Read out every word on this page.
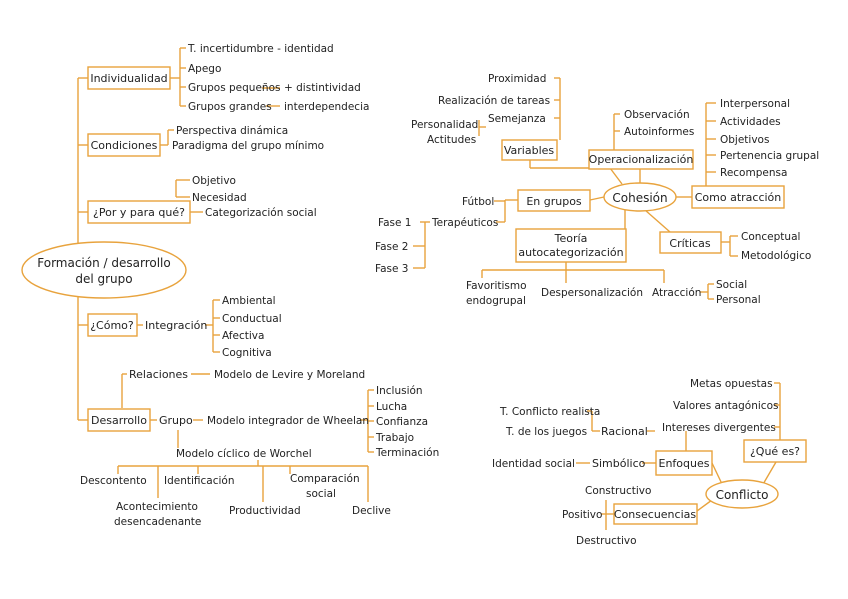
Formación / desarrollo
del grupo
Individualidad
T. incertidumbre - identidad
Apego
Grupos pequeños + distintividad
Grupos grandes interdependecia
Condiciones
Perspectiva dinámica
Paradigma del grupo mínimo
¿Por y para qué?
Objetivo
Necesidad
Categorización social
¿Cómo? Integración
Ambiental
Conductual
Afectiva
Cognitiva
Desarrollo
Relaciones Modelo de Levire y Moreland
Grupo Modelo integrador de Wheelan
Inclusión
Lucha
Confianza
Trabajo
Terminación
Modelo cíclico de Worchel
Descontento
Acontecimiento
desencadenante
Identificación
Productividad
Comparación
social
Declive
Cohesión
Variables
Proximidad
Realización de tareas
Semejanza
Personalidad
Actitudes
Operacionalización
Observación
Autoinformes
Como atracción
Interpersonal
Actividades
Objetivos
Pertenencia grupal
Recompensa
En grupos
Fútbol
Terapéuticos
Fase 1
Fase 2
Fase 3
Teoría
autocategorización
Favoritismo
endogrupal
Despersonalización Atracción
Social
Personal
Críticas	Conceptual
Metodológico
Conflicto
¿Qué es?
Metas opuestas
Valores antagónicos
Intereses divergentes
Enfoques
Racional
T. Conflicto realista
T. de los juegos
Simbólico
Identidad social
Consecuencias
Constructivo
Positivo
Destructivo
